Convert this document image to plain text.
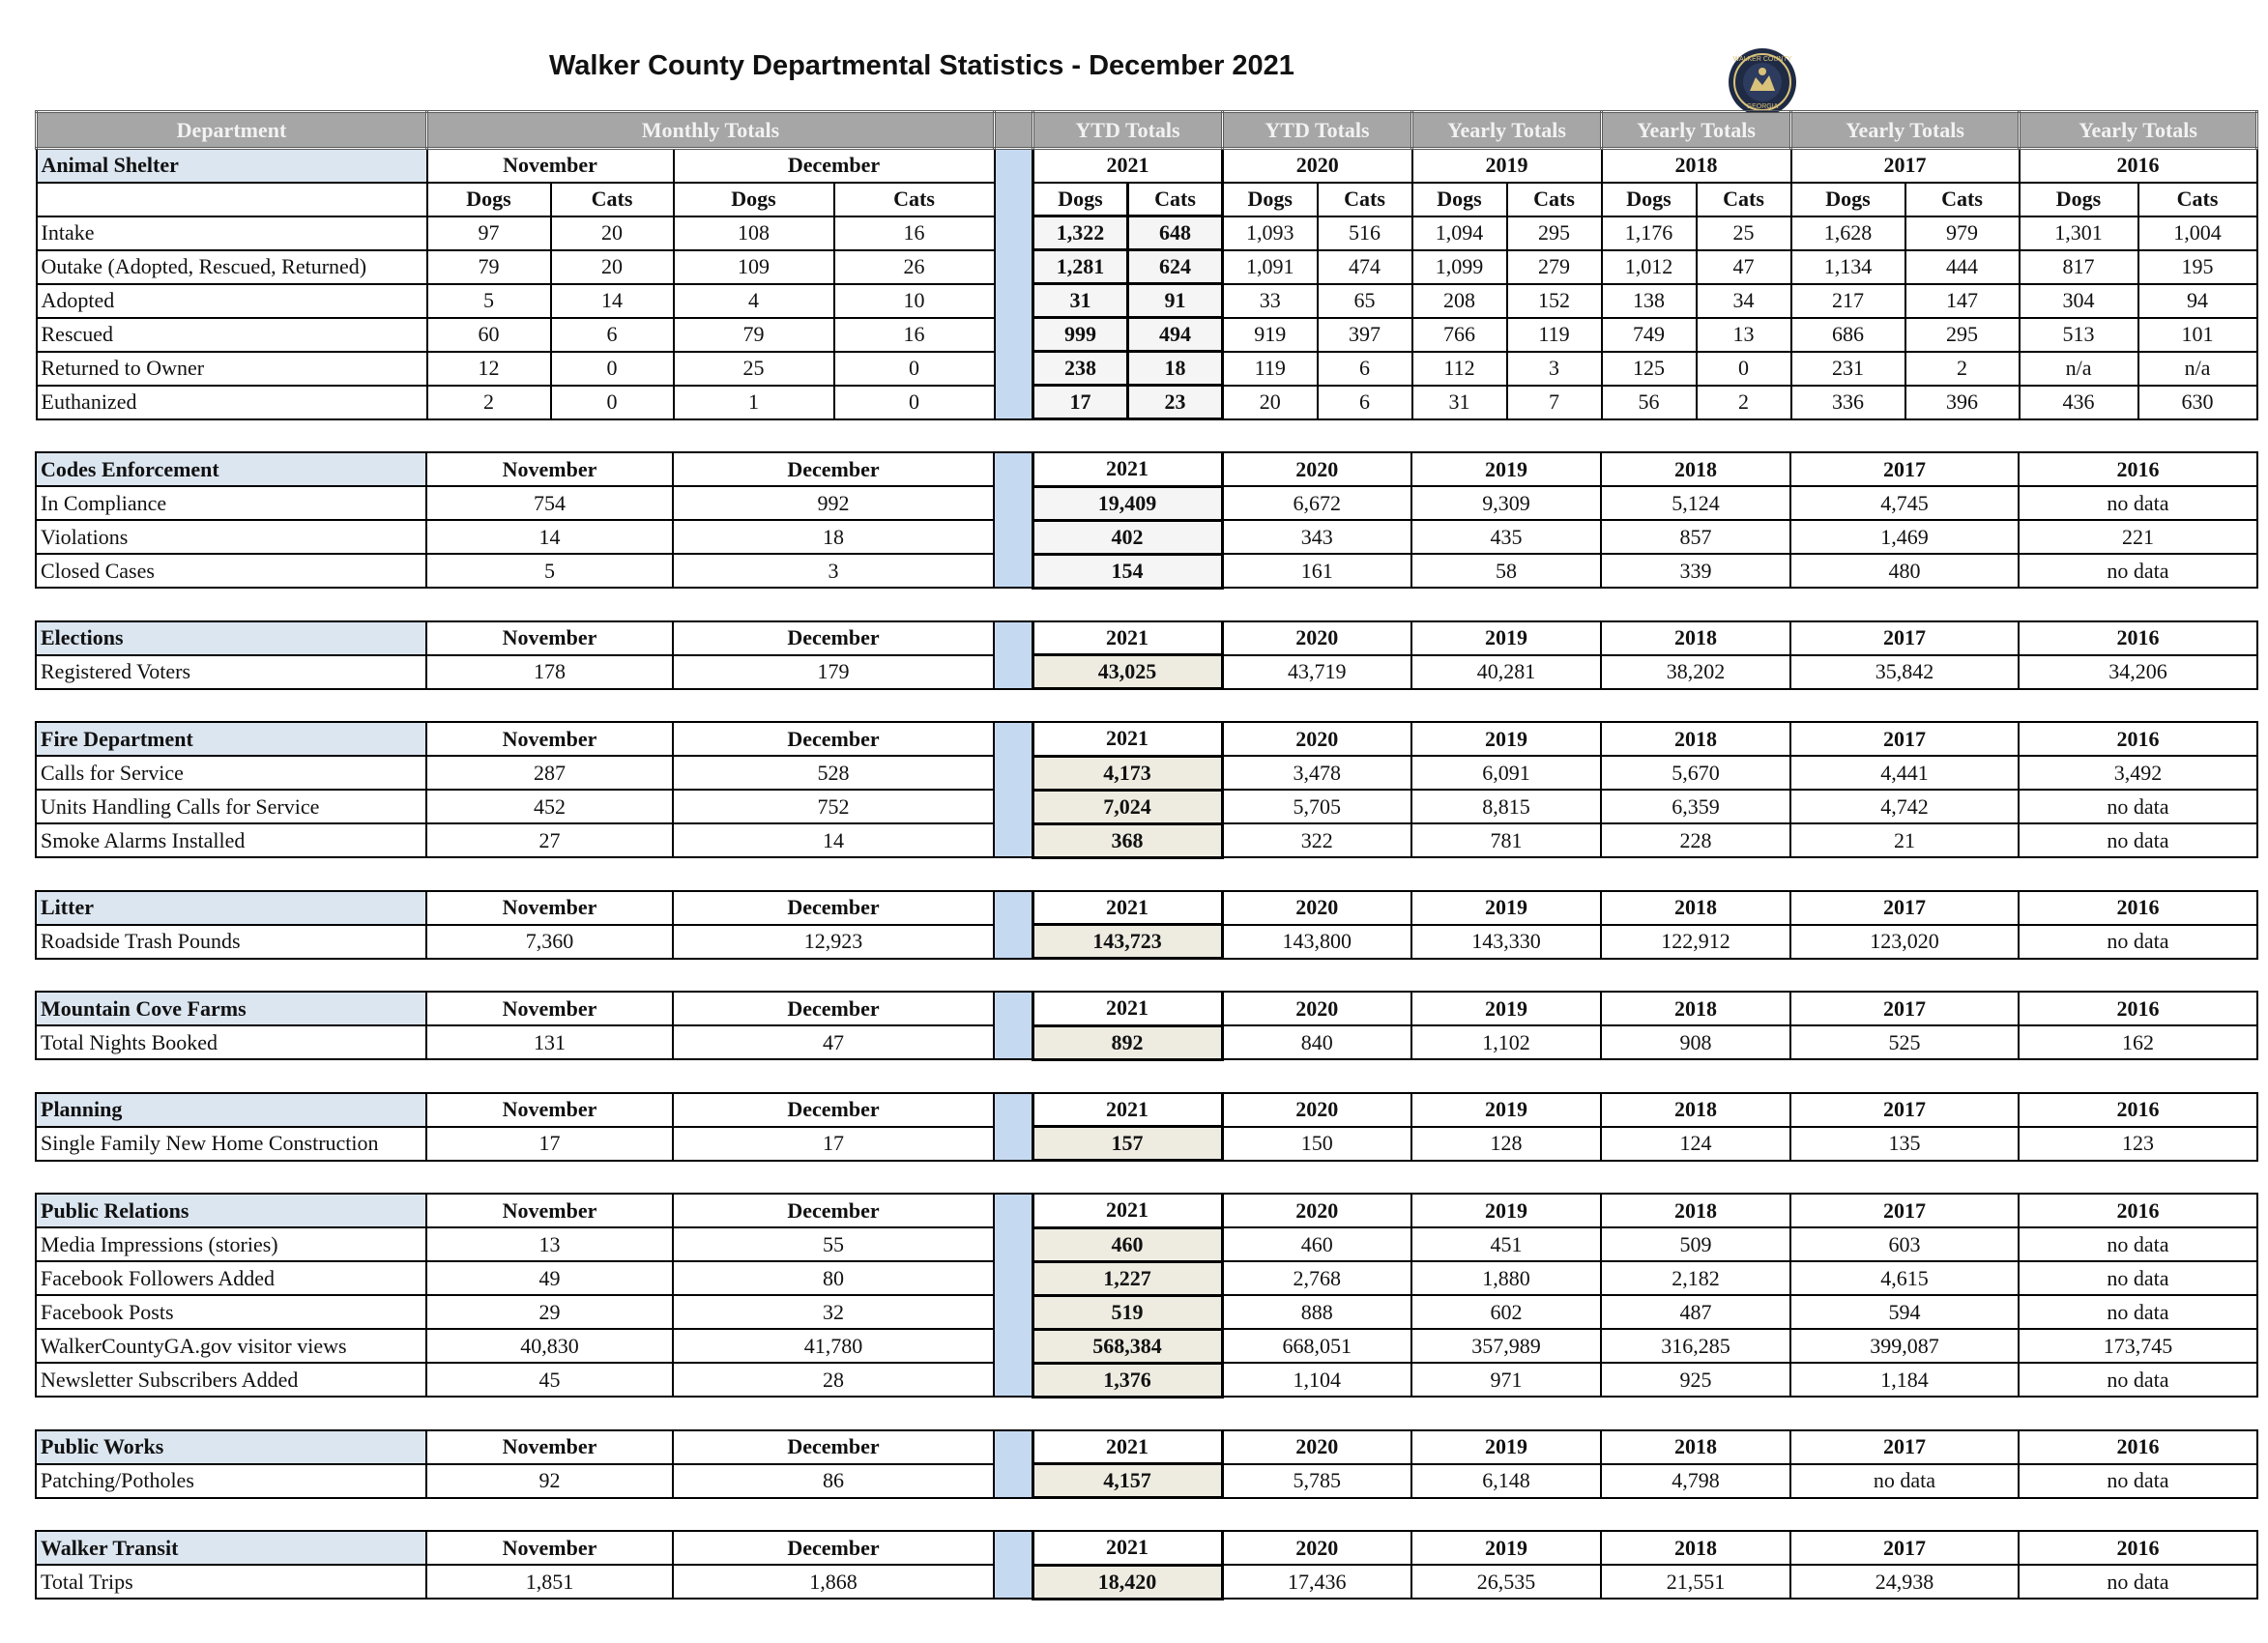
Walker County Departmental Statistics - December 2021	WALKER COUNTY
GEORGIA
Department	Monthly Totals					YTD Totals		YTD Totals		Yearly Totals		Yearly Totals		Yearly Totals		Yearly Totals	
Animal Shelter	November		December			2021		2020		2019		2018		2017		2016	
	Dogs	Cats	Dogs	Cats		Dogs	Cats	Dogs	Cats	Dogs	Cats	Dogs	Cats	Dogs	Cats	Dogs	Cats
Intake	97	20	108	16		1,322	648	1,093	516	1,094	295	1,176	25	1,628	979	1,301	1,004
Outake (Adopted, Rescued, Returned)	79	20	109	26		1,281	624	1,091	474	1,099	279	1,012	47	1,134	444	817	195
Adopted	5	14	4	10		31	91	33	65	208	152	138	34	217	147	304	94
Rescued	60	6	79	16		999	494	919	397	766	119	749	13	686	295	513	101
Returned to Owner	12	0	25	0		238	18	119	6	112	3	125	0	231	2	n/a	n/a
Euthanized	2	0	1	0		17	23	20	6	31	7	56	2	336	396	436	630
Codes Enforcement	November	December		2021	2020	2019	2018	2017	2016
In Compliance	754	992		19,409	6,672	9,309	5,124	4,745	no data
Violations	14	18		402	343	435	857	1,469	221
Closed Cases	5	3		154	161	58	339	480	no data
Elections	November	December		2021	2020	2019	2018	2017	2016
Registered Voters	178	179		43,025	43,719	40,281	38,202	35,842	34,206
Fire Department	November	December		2021	2020	2019	2018	2017	2016
Calls for Service	287	528		4,173	3,478	6,091	5,670	4,441	3,492
Units Handling Calls for Service	452	752		7,024	5,705	8,815	6,359	4,742	no data
Smoke Alarms Installed	27	14		368	322	781	228	21	no data
Litter	November	December		2021	2020	2019	2018	2017	2016
Roadside Trash Pounds	7,360	12,923		143,723	143,800	143,330	122,912	123,020	no data
Mountain Cove Farms	November	December		2021	2020	2019	2018	2017	2016
Total Nights Booked	131	47		892	840	1,102	908	525	162
Planning	November	December		2021	2020	2019	2018	2017	2016
Single Family New Home Construction	17	17		157	150	128	124	135	123
Public Relations	November	December		2021	2020	2019	2018	2017	2016
Media Impressions (stories)	13	55		460	460	451	509	603	no data
Facebook Followers Added	49	80		1,227	2,768	1,880	2,182	4,615	no data
Facebook Posts	29	32		519	888	602	487	594	no data
WalkerCountyGA.gov visitor views	40,830	41,780		568,384	668,051	357,989	316,285	399,087	173,745
Newsletter Subscribers Added	45	28		1,376	1,104	971	925	1,184	no data
Public Works	November	December		2021	2020	2019	2018	2017	2016
Patching/Potholes	92	86		4,157	5,785	6,148	4,798	no data	no data
Walker Transit	November	December		2021	2020	2019	2018	2017	2016
Total Trips	1,851	1,868		18,420	17,436	26,535	21,551	24,938	no data
